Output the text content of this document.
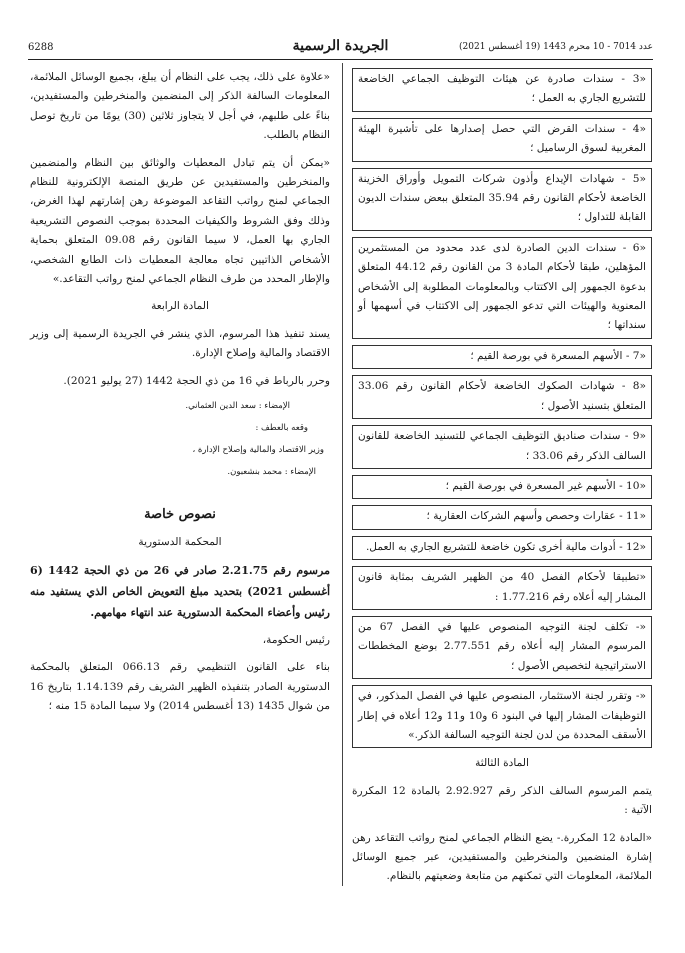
6288	الجريدة الرسمية	عدد 7014 - 10 محرم 1443 (19 أغسطس 2021)

«3 - سندات صادرة عن هيئات التوظيف الجماعي الخاضعة للتشريع الجاري به العمل ؛

«4 - سندات القرض التي حصل إصدارها على تأشيرة الهيئة المغربية لسوق الرساميل ؛

«5 - شهادات الإيداع وأذون شركات التمويل وأوراق الخزينة الخاضعة لأحكام القانون رقم 35.94 المتعلق ببعض سندات الديون القابلة للتداول ؛

«6 - سندات الدين الصادرة لدى عدد محدود من المستثمرين المؤهلين، طبقا لأحكام المادة 3 من القانون رقم 44.12 المتعلق بدعوة الجمهور إلى الاكتتاب وبالمعلومات المطلوبة إلى الأشخاص المعنوية والهيئات التي تدعو الجمهور إلى الاكتتاب في أسهمها أو سنداتها ؛

«7 - الأسهم المسعرة في بورصة القيم ؛

«8 - شهادات الصكوك الخاضعة لأحكام القانون رقم 33.06 المتعلق بتسنيد الأصول ؛

«9 - سندات صناديق التوظيف الجماعي للتسنيد الخاضعة للقانون السالف الذكر رقم 33.06 ؛

«10 - الأسهم غير المسعرة في بورصة القيم ؛

«11 - عقارات وحصص وأسهم الشركات العقارية ؛

«12 - أدوات مالية أخرى تكون خاضعة للتشريع الجاري به العمل.

«تطبيقا لأحكام الفصل 40 من الظهير الشريف بمثابة قانون المشار إليه أعلاه رقم 1.77.216 :

«- تكلف لجنة التوجيه المنصوص عليها في الفصل 67 من المرسوم المشار إليه أعلاه رقم 2.77.551 بوضع المخططات الاستراتيجية لتخصيص الأصول ؛

«- وتقرر لجنة الاستثمار، المنصوص عليها في الفصل المذكور، في التوظيفات المشار إليها في البنود 6 و10 و11 و12 أعلاه في إطار الأسقف المحددة من لدن لجنة التوجيه السالفة الذكر.»

المادة الثالثة

يتمم المرسوم السالف الذكر رقم 2.92.927 بالمادة 12 المكررة الآتية :

«المادة 12 المكررة.- يضع النظام الجماعي لمنح رواتب التقاعد رهن إشارة المنضمين والمنخرطين والمستفيدين، عبر جميع الوسائل الملائمة، المعلومات التي تمكنهم من متابعة وضعيتهم بالنظام.

«علاوة على ذلك، يجب على النظام أن يبلغ، بجميع الوسائل الملائمة، المعلومات السالفة الذكر إلى المنضمين والمنخرطين والمستفيدين، بناءً على طلبهم، في أجل لا يتجاوز ثلاثين (30) يومًا من تاريخ توصل النظام بالطلب.

«يمكن أن يتم تبادل المعطيات والوثائق بين النظام والمنضمين والمنخرطين والمستفيدين عن طريق المنصة الإلكترونية للنظام الجماعي لمنح رواتب التقاعد الموضوعة رهن إشارتهم لهذا الغرض، وذلك وفق الشروط والكيفيات المحددة بموجب النصوص التشريعية الجاري بها العمل، لا سيما القانون رقم 09.08 المتعلق بحماية الأشخاص الذاتيين تجاه معالجة المعطيات ذات الطابع الشخصي، والإطار المحدد من طرف النظام الجماعي لمنح رواتب التقاعد.»

المادة الرابعة

يسند تنفيذ هذا المرسوم، الذي ينشر في الجريدة الرسمية إلى وزير الاقتصاد والمالية وإصلاح الإدارة.

وحرر بالرباط في 16 من ذي الحجة 1442 (27 يوليو 2021).

الإمضاء : سعد الدين العثماني.

وقعه بالعطف :

وزير الاقتصاد والمالية وإصلاح الإدارة ،

الإمضاء : محمد بنشعبون.

نصوص خاصة

المحكمة الدستورية

مرسوم رقم 2.21.75 صادر في 26 من ذي الحجة 1442 (6 أغسطس 2021) بتحديد مبلغ التعويض الخاص الذي يستفيد منه رئيس وأعضاء المحكمة الدستورية عند انتهاء مهامهم.

رئيس الحكومة،

بناء على القانون التنظيمي رقم 066.13 المتعلق بالمحكمة الدستورية الصادر بتنفيذه الظهير الشريف رقم 1.14.139 بتاريخ 16 من شوال 1435 (13 أغسطس 2014) ولا سيما المادة 15 منه ؛
